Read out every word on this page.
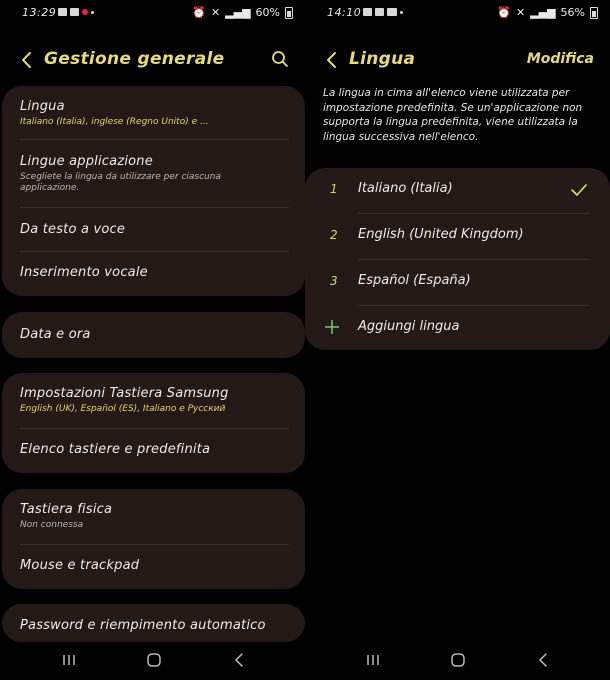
13:29	⏰ ✕ ▂▄▆ 60%
Gestione generale
Lingua
Italiano (Italia), inglese (Regno Unito) e ...
Lingue applicazione
Scegliete la lingua da utilizzare per ciascuna applicazione.
Da testo a voce
Inserimento vocale
Data e ora
Impostazioni Tastiera Samsung
English (UK), Español (ES), Italiano e Русский
Elenco tastiere e predefinita
Tastiera fisica
Non connessa
Mouse e trackpad
Password e riempimento automatico
14:10	⏰ ✕ ▂▄▆ 56%
Lingua	Modifica
La lingua in cima all'elenco viene utilizzata per impostazione predefinita. Se un'applicazione non supporta la lingua predefinita, viene utilizzata la lingua successiva nell'elenco.
1 Italiano (Italia)
2 English (United Kingdom)
3 Español (España)
Aggiungi lingua
